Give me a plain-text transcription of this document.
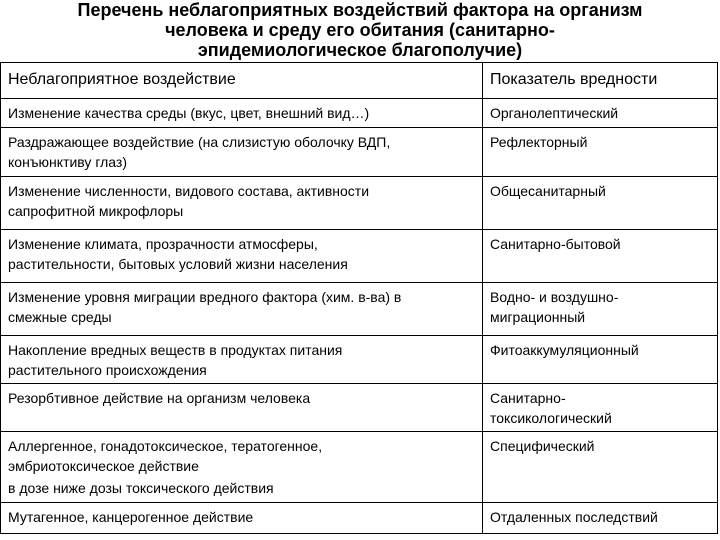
Перечень неблагоприятных воздействий фактора на организм
человека и среду его обитания (санитарно-
эпидемиологическое благополучие)
Неблагоприятное воздействие	Показатель вредности

Изменение качества среды (вкус, цвет, внешний вид…)	Органолептический

Раздражающее воздействие (на слизистую оболочку ВДП,
конъюнктиву глаз)	Рефлекторный

Изменение численности, видового состава, активности
сапрофитной микрофлоры	Общесанитарный

Изменение климата, прозрачности атмосферы,
растительности, бытовых условий жизни населения	Санитарно-бытовой

Изменение уровня миграции вредного фактора (хим. в-ва) в
смежные среды	Водно- и воздушно-
миграционный

Накопление вредных веществ в продуктах питания
растительного происхождения	Фитоаккумуляционный

Резорбтивное действие на организм человека	Санитарно-
токсикологический

Аллергенное, гонадотоксическое, тератогенное,
эмбриотоксическое действие
в дозе ниже дозы токсического действия	Специфический

Мутагенное, канцерогенное действие	Отдаленных последствий
